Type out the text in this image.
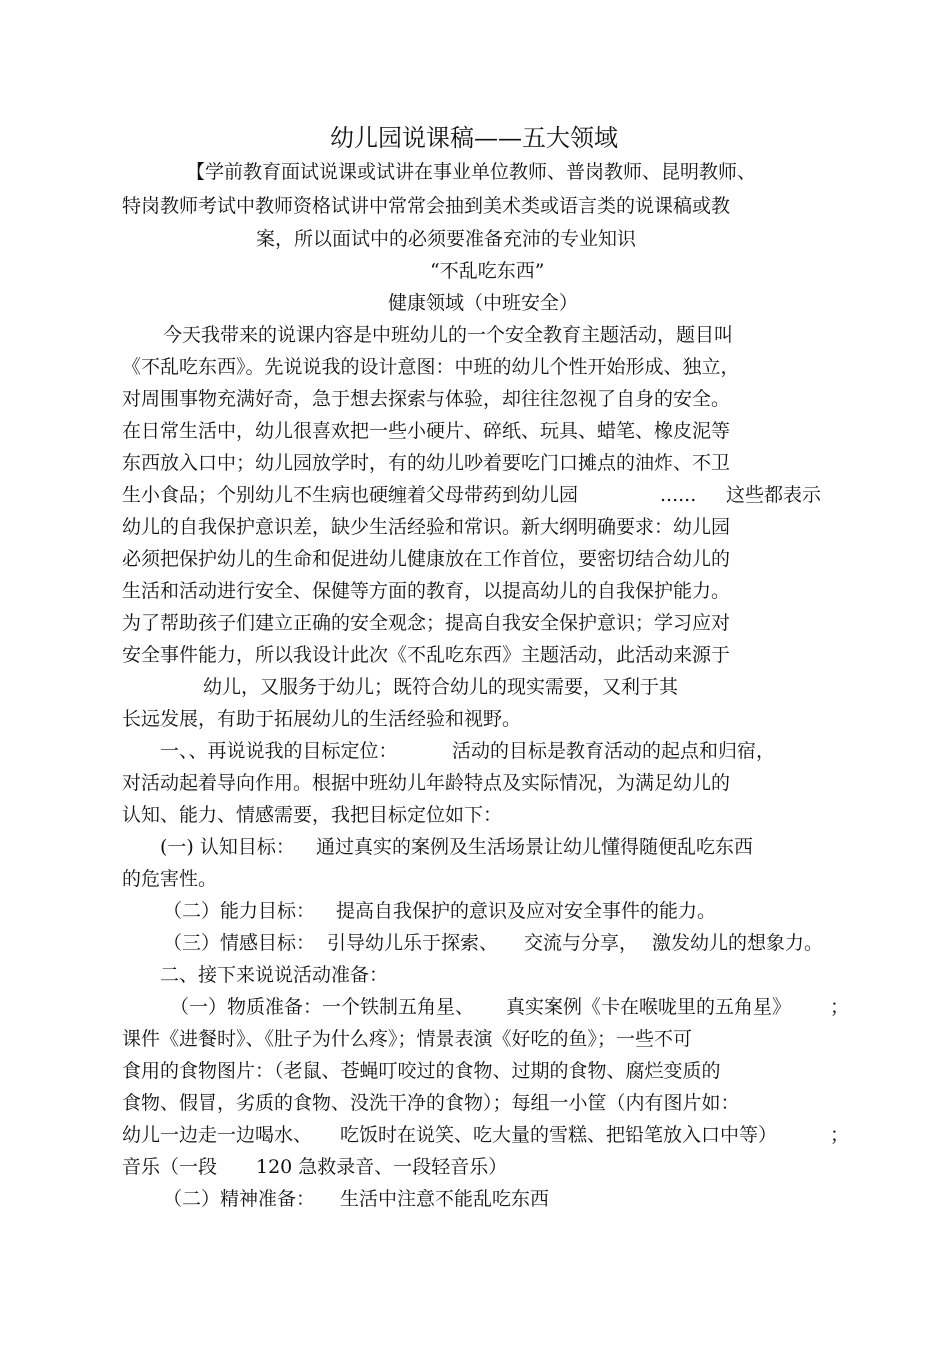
幼儿园说课稿——五大领域
【学前教育面试说课或试讲在事业单位教师、普岗教师、昆明教师、
特岗教师考试中教师资格试讲中常常会抽到美术类或语言类的说课稿或教
案，所以面试中的必须要准备充沛的专业知识
“不乱吃东西”
健康领域（中班安全）
今天我带来的说课内容是中班幼儿的一个安全教育主题活动，题目叫
《不乱吃东西》。先说说我的设计意图：中班的幼儿个性开始形成、独立，
对周围事物充满好奇，急于想去探索与体验，却往往忽视了自身的安全。
在日常生活中，幼儿很喜欢把一些小硬片、碎纸、玩具、蜡笔、橡皮泥等
东西放入口中；幼儿园放学时，有的幼儿吵着要吃门口摊点的油炸、不卫
生小食品；个别幼儿不生病也硬缠着父母带药到幼儿园	...... 这些都表示
幼儿的自我保护意识差，缺少生活经验和常识。新大纲明确要求：幼儿园
必须把保护幼儿的生命和促进幼儿健康放在工作首位，要密切结合幼儿的
生活和活动进行安全、保健等方面的教育，以提高幼儿的自我保护能力。
为了帮助孩子们建立正确的安全观念；提高自我安全保护意识；学习应对
安全事件能力，所以我设计此次《不乱吃东西》主题活动，此活动来源于
幼儿，又服务于幼儿；既符合幼儿的现实需要，又利于其
长远发展，有助于拓展幼儿的生活经验和视野。
一、、再说说我的目标定位：	活动的目标是教育活动的起点和归宿，
对活动起着导向作用。根据中班幼儿年龄特点及实际情况，为满足幼儿的
认知、能力、情感需要，我把目标定位如下：
(一) 认知目标： 通过真实的案例及生活场景让幼儿懂得随便乱吃东西
的危害性。
（二）能力目标： 提高自我保护的意识及应对安全事件的能力。
（三）情感目标： 引导幼儿乐于探索、 交流与分享， 激发幼儿的想象力。
二、接下来说说活动准备：
（一）物质准备：一个铁制五角星、 真实案例《卡在喉咙里的五角星》 ；
课件《进餐时》、《肚子为什么疼》；情景表演《好吃的鱼》；一些不可
食用的食物图片：（老鼠、苍蝇叮咬过的食物、过期的食物、腐烂变质的
食物、假冒，劣质的食物、没洗干净的食物）；每组一小筐（内有图片如：
幼儿一边走一边喝水、 吃饭时在说笑、吃大量的雪糕、把铅笔放入口中等）	；
音乐（一段 120 急救录音、一段轻音乐）
（二）精神准备： 生活中注意不能乱吃东西
